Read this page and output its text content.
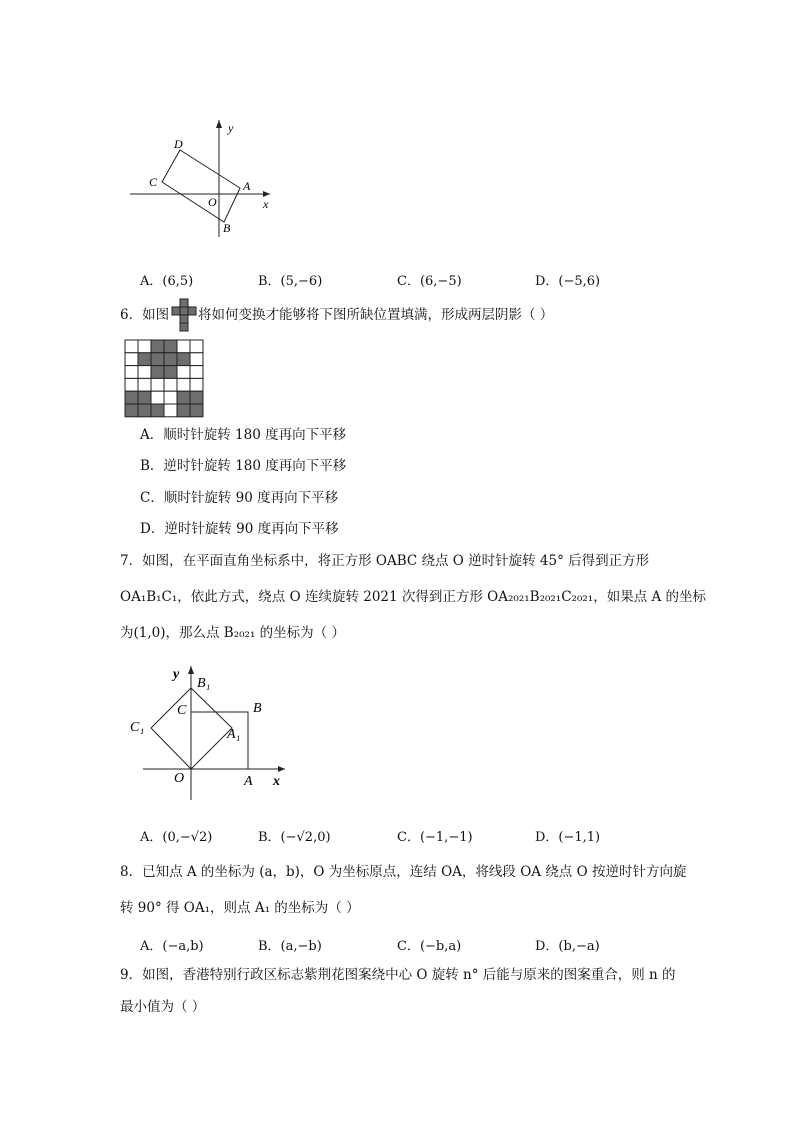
y
x
D
C
O
A
B
A．(6,5)	B．(5,−6)	C．(6,−5)	D．(−5,6)
6．如图 将如何变换才能够将下图所缺位置填满，形成两层阴影（ ）
A．顺时针旋转 180 度再向下平移
B．逆时针旋转 180 度再向下平移
C．顺时针旋转 90 度再向下平移
D．逆时针旋转 90 度再向下平移
7．如图，在平面直角坐标系中，将正方形 OABC 绕点 O 逆时针旋转 45° 后得到正方形
OA₁B₁C₁，依此方式，绕点 O 连续旋转 2021 次得到正方形 OA₂₀₂₁B₂₀₂₁C₂₀₂₁，如果点 A 的坐标
为(1,0)，那么点 B₂₀₂₁ 的坐标为（ ）
y
x
B₁
C	B
C₁	A₁
O	A
A．(0,−√2)	B．(−√2,0)	C．(−1,−1)	D．(−1,1)
8．已知点 A 的坐标为 (a，b)，O 为坐标原点，连结 OA，将线段 OA 绕点 O 按逆时针方向旋
转 90° 得 OA₁，则点 A₁ 的坐标为（ ）
A．(−a,b)	B．(a,−b)	C．(−b,a)	D．(b,−a)
9．如图，香港特别行政区标志紫荆花图案绕中心 O 旋转 n° 后能与原来的图案重合，则 n 的
最小值为（ ）
